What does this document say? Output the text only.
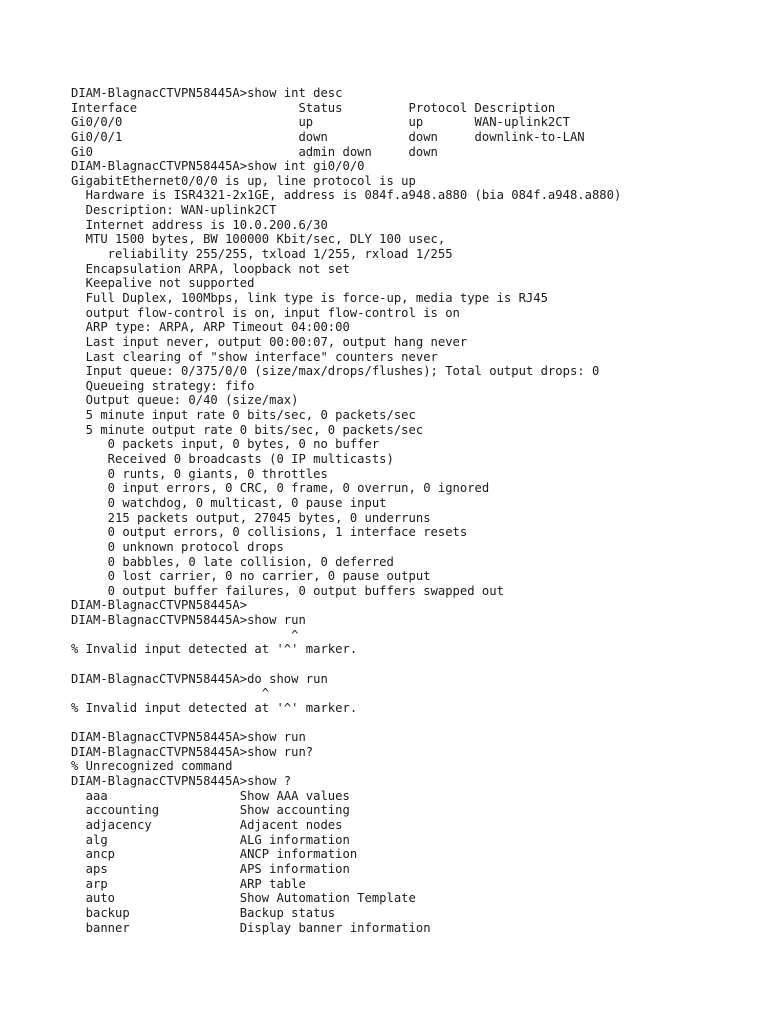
DIAM-BlagnacCTVPN58445A>show int desc
Interface                      Status         Protocol Description
Gi0/0/0                        up             up       WAN-uplink2CT
Gi0/0/1                        down           down     downlink-to-LAN
Gi0                            admin down     down
DIAM-BlagnacCTVPN58445A>show int gi0/0/0
GigabitEthernet0/0/0 is up, line protocol is up
Hardware is ISR4321-2x1GE, address is 084f.a948.a880 (bia 084f.a948.a880)
Description: WAN-uplink2CT
Internet address is 10.0.200.6/30
MTU 1500 bytes, BW 100000 Kbit/sec, DLY 100 usec,
reliability 255/255, txload 1/255, rxload 1/255
Encapsulation ARPA, loopback not set
Keepalive not supported
Full Duplex, 100Mbps, link type is force-up, media type is RJ45
output flow-control is on, input flow-control is on
ARP type: ARPA, ARP Timeout 04:00:00
Last input never, output 00:00:07, output hang never
Last clearing of "show interface" counters never
Input queue: 0/375/0/0 (size/max/drops/flushes); Total output drops: 0
Queueing strategy: fifo
Output queue: 0/40 (size/max)
5 minute input rate 0 bits/sec, 0 packets/sec
5 minute output rate 0 bits/sec, 0 packets/sec
0 packets input, 0 bytes, 0 no buffer
Received 0 broadcasts (0 IP multicasts)
0 runts, 0 giants, 0 throttles
0 input errors, 0 CRC, 0 frame, 0 overrun, 0 ignored
0 watchdog, 0 multicast, 0 pause input
215 packets output, 27045 bytes, 0 underruns
0 output errors, 0 collisions, 1 interface resets
0 unknown protocol drops
0 babbles, 0 late collision, 0 deferred
0 lost carrier, 0 no carrier, 0 pause output
0 output buffer failures, 0 output buffers swapped out
DIAM-BlagnacCTVPN58445A>
DIAM-BlagnacCTVPN58445A>show run
^
% Invalid input detected at '^' marker.
DIAM-BlagnacCTVPN58445A>do show run
^
% Invalid input detected at '^' marker.
DIAM-BlagnacCTVPN58445A>show run
DIAM-BlagnacCTVPN58445A>show run?
% Unrecognized command
DIAM-BlagnacCTVPN58445A>show ?
aaa                  Show AAA values
accounting           Show accounting
adjacency            Adjacent nodes
alg                  ALG information
ancp                 ANCP information
aps                  APS information
arp                  ARP table
auto                 Show Automation Template
backup               Backup status
banner               Display banner information
